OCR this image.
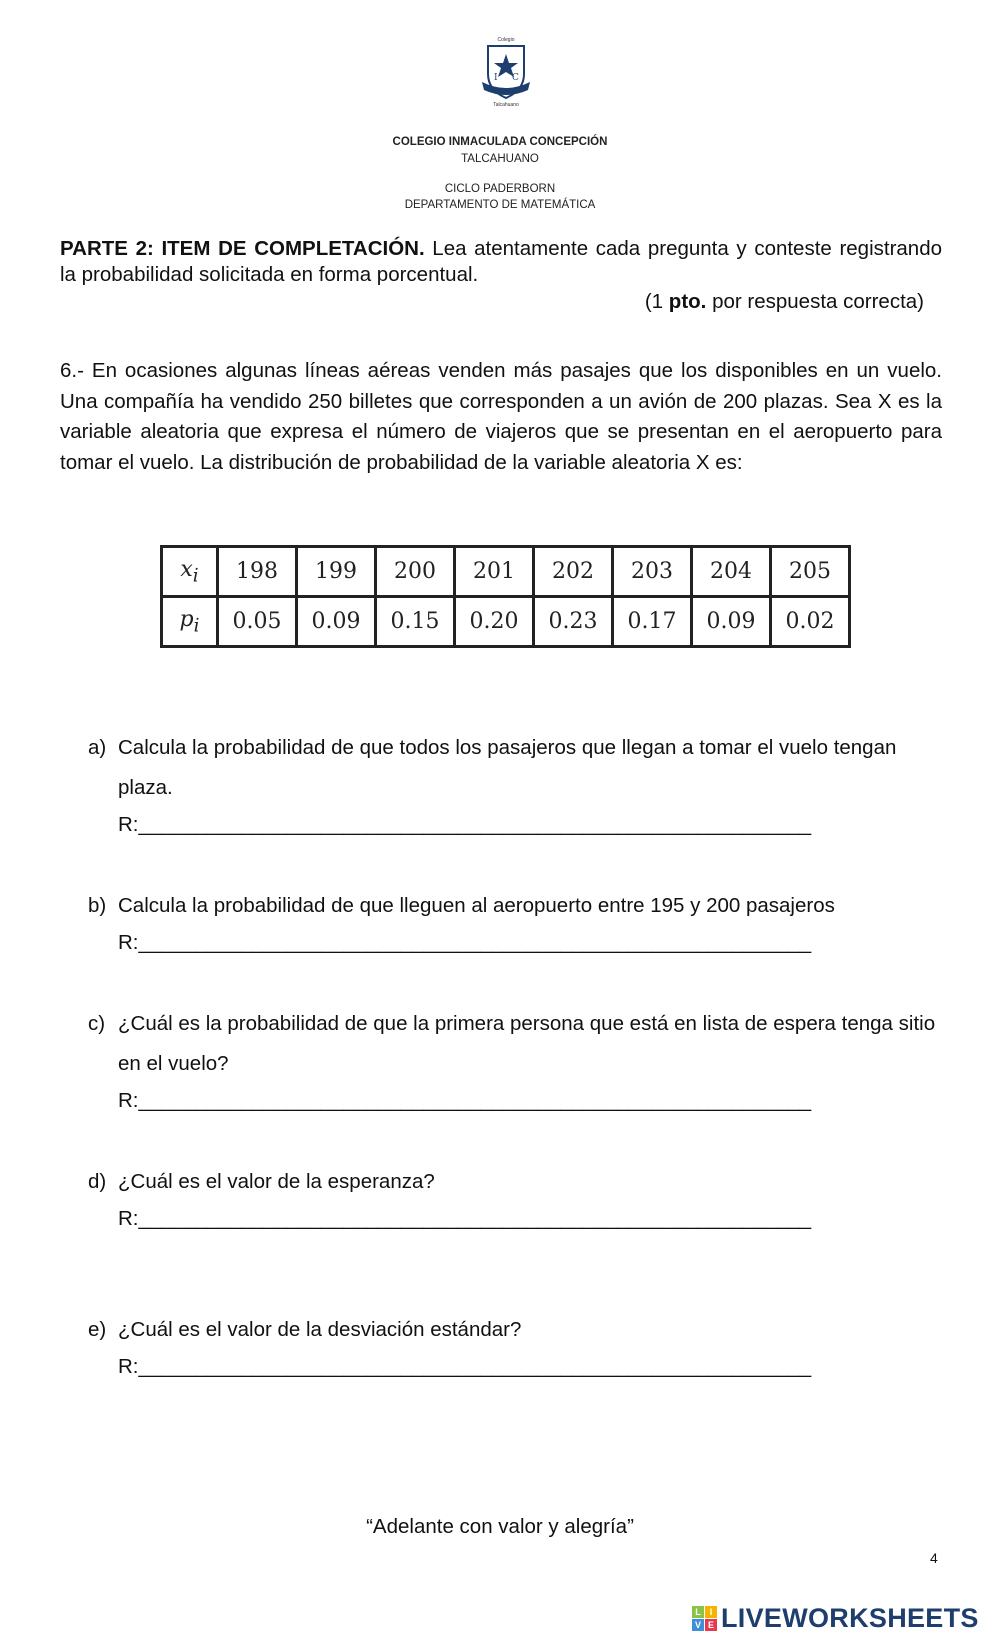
I C
Colegio
Talcahuano
COLEGIO INMACULADA CONCEPCIÓN
TALCAHUANO
CICLO PADERBORN
DEPARTAMENTO DE MATEMÁTICA
PARTE 2: ITEM DE COMPLETACIÓN. Lea atentamente cada pregunta y conteste registrando la probabilidad solicitada en forma porcentual.
(1 pto. por respuesta correcta)
6.- En ocasiones algunas líneas aéreas venden más pasajes que los disponibles en un vuelo. Una compañía ha vendido 250 billetes que corresponden a un avión de 200 plazas. Sea X es la variable aleatoria que expresa el número de viajeros que se presentan en el aeropuerto para tomar el vuelo. La distribución de probabilidad de la variable aleatoria X es:
$x_i$	198	199	200	201	202	203	204	205
$p_i$	0.05	0.09	0.15	0.20	0.23	0.17	0.09	0.02
a) Calcula la probabilidad de que todos los pasajeros que llegan a tomar el vuelo tengan plaza.
R:___________________________________________________________
b) Calcula la probabilidad de que lleguen al aeropuerto entre 195 y 200 pasajeros
R:___________________________________________________________
c) ¿Cuál es la probabilidad de que la primera persona que está en lista de espera tenga sitio en el vuelo?
R:___________________________________________________________
d) ¿Cuál es el valor de la esperanza?
R:___________________________________________________________
e) ¿Cuál es el valor de la desviación estándar?
R:___________________________________________________________
“Adelante con valor y alegría”
4
L I
V E LIVEWORKSHEETS
